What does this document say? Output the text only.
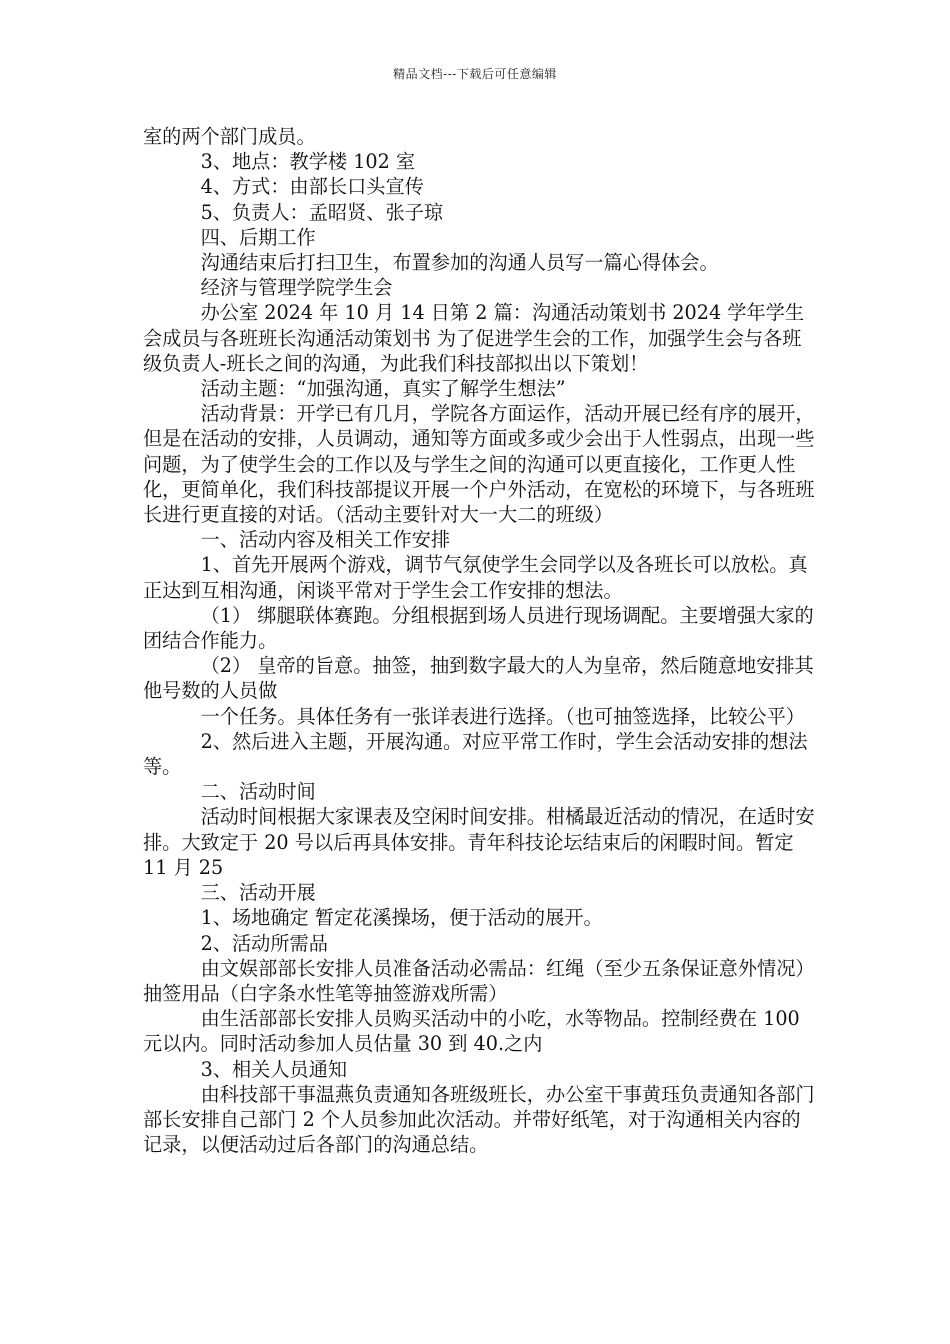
精品文档---下载后可任意编辑

室的两个部门成员。

3、地点：教学楼 102 室

4、方式：由部长口头宣传

5、负责人：孟昭贤、张子琼

四、后期工作

沟通结束后打扫卫生，布置参加的沟通人员写一篇心得体会。

经济与管理学院学生会

办公室 2024 年 10 月 14 日第 2 篇：沟通活动策划书 2024 学年学生会成员与各班班长沟通活动策划书 为了促进学生会的工作，加强学生会与各班级负责人-班长之间的沟通，为此我们科技部拟出以下策划！

活动主题：“加强沟通，真实了解学生想法”

活动背景：开学已有几月，学院各方面运作，活动开展已经有序的展开，但是在活动的安排，人员调动，通知等方面或多或少会出于人性弱点，出现一些问题，为了使学生会的工作以及与学生之间的沟通可以更直接化，工作更人性化，更简单化，我们科技部提议开展一个户外活动，在宽松的环境下，与各班班长进行更直接的对话。（活动主要针对大一大二的班级）

一、活动内容及相关工作安排

1、首先开展两个游戏，调节气氛使学生会同学以及各班长可以放松。真正达到互相沟通，闲谈平常对于学生会工作安排的想法。

（1） 绑腿联体赛跑。分组根据到场人员进行现场调配。主要增强大家的团结合作能力。

（2） 皇帝的旨意。抽签，抽到数字最大的人为皇帝，然后随意地安排其他号数的人员做

一个任务。具体任务有一张详表进行选择。（也可抽签选择，比较公平）

2、然后进入主题，开展沟通。对应平常工作时，学生会活动安排的想法等。

二、活动时间

活动时间根据大家课表及空闲时间安排。柑橘最近活动的情况，在适时安排。大致定于 20 号以后再具体安排。青年科技论坛结束后的闲暇时间。暂定 11 月 25

三、活动开展

1、场地确定 暂定花溪操场，便于活动的展开。

2、活动所需品

由文娱部部长安排人员准备活动必需品：红绳（至少五条保证意外情况）抽签用品（白字条水性笔等抽签游戏所需）

由生活部部长安排人员购买活动中的小吃，水等物品。控制经费在 100 元以内。同时活动参加人员估量 30 到 40.之内

3、相关人员通知

由科技部干事温燕负责通知各班级班长，办公室干事黄珏负责通知各部门部长安排自己部门 2 个人员参加此次活动。并带好纸笔，对于沟通相关内容的记录，以便活动过后各部门的沟通总结。
